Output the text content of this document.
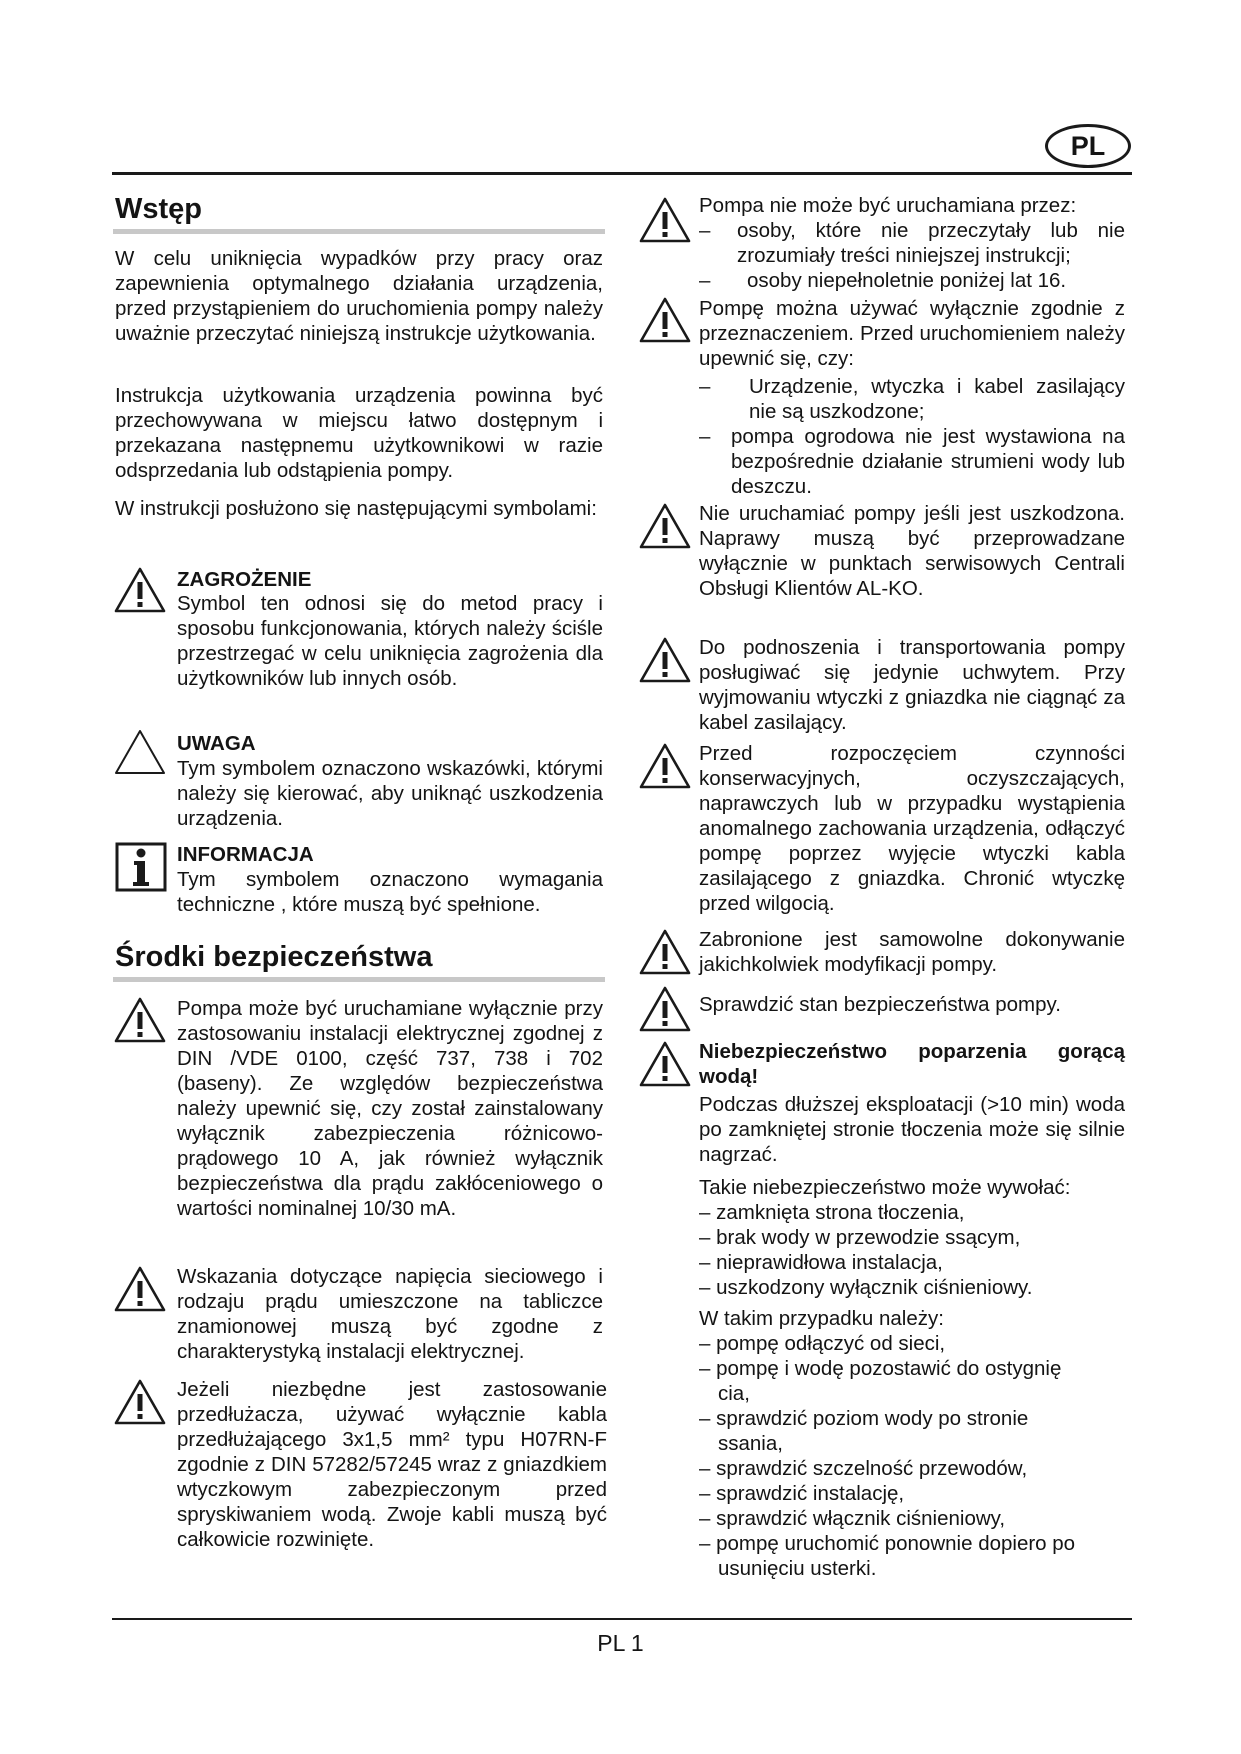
PL
Wstęp
W celu uniknięcia wypadków przy pracy oraz zapewnienia optymalnego działania urządzenia, przed przystąpieniem do uruchomienia pompy należy uważnie przeczytać niniejszą instrukcje użytkowania.
Instrukcja użytkowania urządzenia powinna być przechowywana w miejscu łatwo dostępnym i przekazana następnemu użytkownikowi w razie odsprzedania lub odstąpienia pompy.
W instrukcji posłużono się następującymi symbolami:
ZAGROŻENIE
Symbol ten odnosi się do metod pracy i sposobu funkcjonowania, których należy ściśle przestrzegać w celu uniknięcia zagrożenia dla użytkowników lub innych osób.
UWAGA
Tym symbolem oznaczono wskazówki, którymi należy się kierować, aby uniknąć uszkodzenia urządzenia.
INFORMACJA
Tym symbolem oznaczono wymagania techniczne , które muszą być spełnione.
Środki bezpieczeństwa
Pompa może być uruchamiane wyłącznie przy zastosowaniu instalacji elektrycznej zgodnej z DIN /VDE 0100, część 737, 738 i 702 (baseny). Ze względów bezpieczeństwa należy upewnić się, czy został zainstalowany wyłącznik zabezpieczenia różnicowo-prądowego 10 A, jak również wyłącznik bezpieczeństwa dla prądu zakłóceniowego o wartości nominalnej 10/30 mA.
Wskazania dotyczące napięcia sieciowego i rodzaju prądu umieszczone na tabliczce znamionowej muszą być zgodne z charakterystyką instalacji elektrycznej.
Jeżeli niezbędne jest zastosowanie przedłużacza, używać wyłącznie kabla przedłużającego 3x1,5 mm² typu H07RN-F zgodnie z DIN 57282/57245 wraz z gniazdkiem wtyczkowym zabezpieczonym przed spryskiwaniem wodą. Zwoje kabli muszą być całkowicie rozwinięte.
Pompa nie może być uruchamiana przez:
–	osoby, które nie przeczytały lub nie zrozumiały treści niniejszej instrukcji;
–	osoby niepełnoletnie poniżej lat 16.
Pompę można używać wyłącznie zgodnie z przeznaczeniem. Przed uruchomieniem należy upewnić się, czy:
–	Urządzenie, wtyczka i kabel zasilający nie są uszkodzone;
–	pompa ogrodowa nie jest wystawiona na bezpośrednie działanie strumieni wody lub deszczu.
Nie uruchamiać pompy jeśli jest uszkodzona. Naprawy muszą być przeprowadzane wyłącznie w punktach serwisowych Centrali Obsługi Klientów AL-KO.
Do podnoszenia i transportowania pompy posługiwać się jedynie uchwytem. Przy wyjmowaniu wtyczki z gniazdka nie ciągnąć za kabel zasilający.
Przed rozpoczęciem czynności konserwacyjnych, oczyszczających, naprawczych lub w przypadku wystąpienia anomalnego zachowania urządzenia, odłączyć pompę poprzez wyjęcie wtyczki kabla zasilającego z gniazdka. Chronić wtyczkę przed wilgocią.
Zabronione jest samowolne dokonywanie jakichkolwiek modyfikacji pompy.
Sprawdzić stan bezpieczeństwa pompy.
Niebezpieczeństwo poparzenia gorącą wodą!
Podczas dłuższej eksploatacji (>10 min) woda po zamkniętej stronie tłoczenia może się silnie nagrzać.
Takie niebezpieczeństwo może wywołać:
– zamknięta strona tłoczenia,
– brak wody w przewodzie ssącym,
– nieprawidłowa instalacja,
– uszkodzony wyłącznik ciśnieniowy.
W takim przypadku należy:
– pompę odłączyć od sieci,
– pompę i wodę pozostawić do ostygnię
cia,
– sprawdzić poziom wody po stronie
ssania,
– sprawdzić szczelność przewodów,
– sprawdzić instalację,
– sprawdzić włącznik ciśnieniowy,
– pompę uruchomić ponownie dopiero po
usunięciu usterki.
PL 1
